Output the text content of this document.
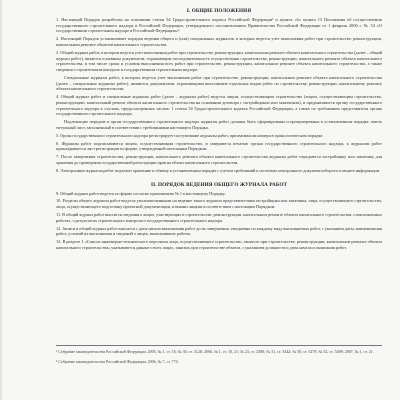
I. ОБЩИЕ ПОЛОЖЕНИЯ

1. Настоящий Порядок разработан на основании статьи 54 Градостроительного кодекса Российской Федерации¹ и пункта «б» пункта 13 Положения об осуществлении государственного строительного надзора в Российской Федерации, утвержденного постановлением Правительства Российской Федерации от 1 февраля 2006 г. № 54 «О государственном строительном надзоре в Российской Федерации»².

2. Настоящий Порядок устанавливает порядок ведения общего и (или) специальных журналов, в которых ведется учет выполнения работ при строительстве, реконструкции, капитальном ремонте объектов капитального строительства.

3. Общий журнал работ, в котором ведется учет выполнения работ при строительстве, реконструкции, капитальном ремонте объекта капитального строительства (далее – общий журнал работ), является основным документом, отражающим последовательность осуществления строительства, реконструкции, капитального ремонта объекта капитального строительства, в том числе сроки и условия выполнения всех работ при строительстве, реконструкции, капитальном ремонте объекта капитального строительства, а также сведения о строительном контроле и государственном строительном надзоре.

Специальные журналы работ, в которых ведется учет выполнения работ при строительстве, реконструкции, капитальном ремонте объекта капитального строительства (далее – специальные журналы работ), являются документами, отражающими выполнение отдельных видов работ по строительству, реконструкции, капитальному ремонту объекта капитального строительства.

4. Общий журнал работ и специальные журналы работ (далее – журналы работ) ведутся лицом, осуществляющим строительство (лицом, осуществляющим строительство, реконструкцию, капитальный ремонт объекта капитального строительства на основании договора с застройщиком или заказчиком), и предъявляются органу государственного строительного надзора в случаях, предусмотренных частью 1 статьи 54 Градостроительного кодекса Российской Федерации, а также по требованию представителя органа государственного строительного надзора.

Подлежащие передаче в орган государственного строительного надзора журналы работ должны быть сформированы и пронумерованы в установленном порядке, иметь титульный лист, заполненный в соответствии с требованиями настоящего Порядка.

5. Орган государственного строительного надзора регистрирует поступившие журналы работ, присваивая им номера в хронологическом порядке.

6. Журналы работ подписываются лицом, осуществляющим строительство, и заверяются печатью органа государственного строительного надзора, к журналам работ прикладывается лист регистрации по форме, утвержденной настоящим Порядком.

7. После завершения строительства, реконструкции, капитального ремонта объекта капитального строительства журналы работ передаются застройщику или заказчику для хранения до проведения государственной регистрации прав на объект капитального строительства.

8. Электронные журналы работ подлежат хранению и обмену в установленном порядке с учетом требований к системам электронного документооборота и защите информации.

II. ПОРЯДОК ВЕДЕНИЯ ОБЩЕГО ЖУРНАЛА РАБОТ

9. Общий журнал работ ведется по форме согласно приложению № 1 к настоящему Порядку.

10. Разделы общего журнала работ ведутся уполномоченными на ведение такого журнала представителями застройщика или заказчика, лица, осуществляющего строительство, лица, осуществляющего подготовку проектной документации, и иными лицами в соответствии с настоящим Порядком.

11. В общий журнал работ вносятся сведения о лицах, участвующих в строительстве, реконструкции, капитальном ремонте объекта капитального строительства, о выполненных работах, о результатах строительного контроля и государственного строительного надзора.

12. Записи в общий журнал работ вносятся с даты начала выполнения работ до их завершения, ежедневно по каждому виду выполняемых работ, с указанием даты, наименования работ, условий их выполнения и сведений о лицах, выполнивших работы.

13. В разделе 1 «Список инженерно-технического персонала лица, осуществляющего строительство, занятого при строительстве, реконструкции, капитальном ремонте объекта капитального строительства» указываются данные о всех лицах, занятых при строительстве объекта, с указанием должности и даты начала и окончания работ.

¹ Собрание законодательства Российской Федерации, 2005, № 1, ст. 16; № 30, ст. 3128; 2006, № 1, ст. 10, 21; № 23, ст. 2380; № 31, ст. 3442; № 50, ст. 5279; № 52, ст. 5498; 2007, № 1, ст. 21.

² Собрание законодательства Российской Федерации, 2006, № 7, ст. 774.
